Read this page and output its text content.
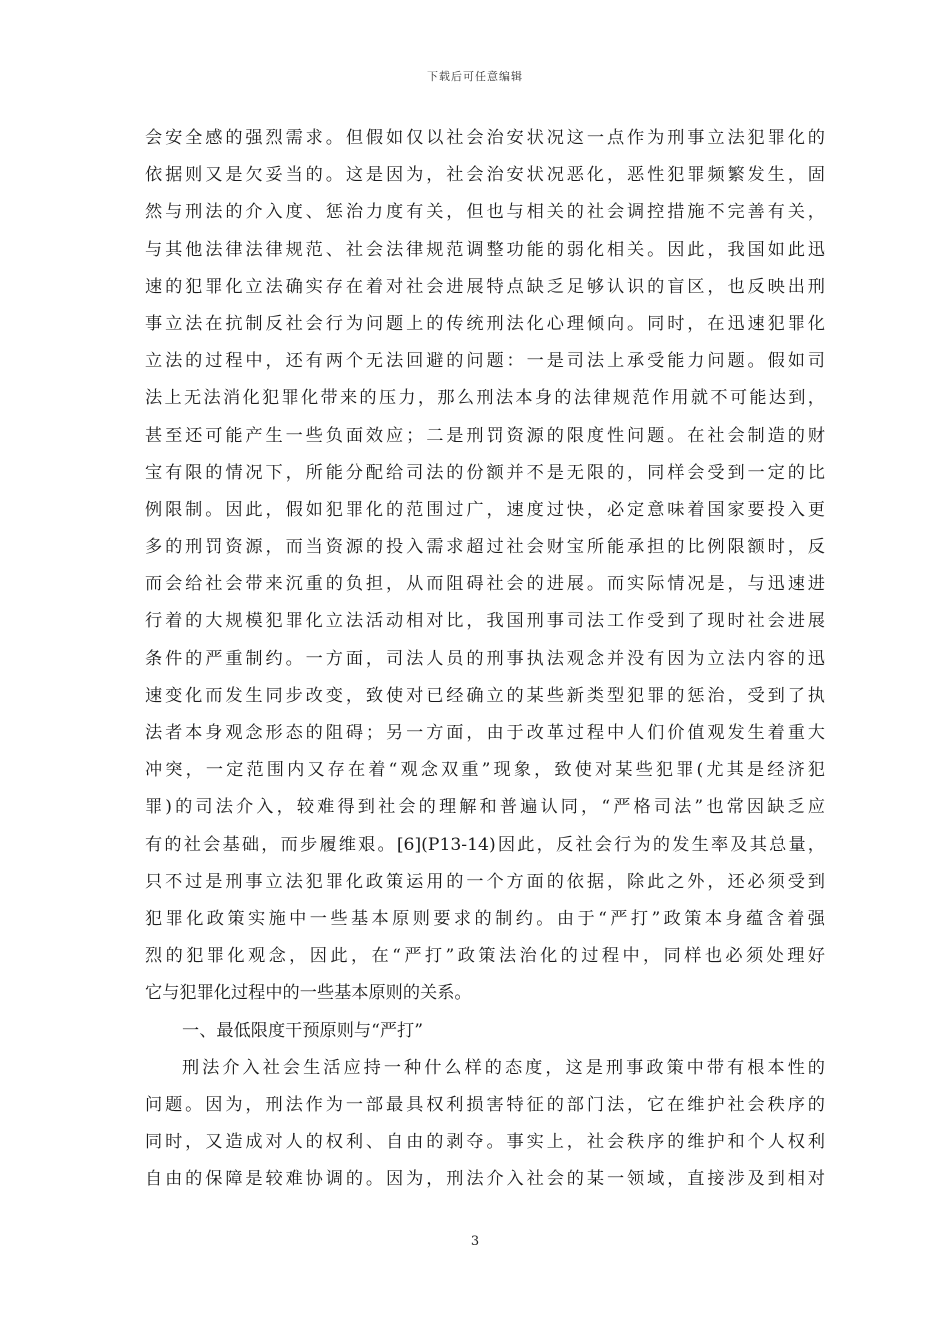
下载后可任意编辑
会安全感的强烈需求。但假如仅以社会治安状况这一点作为刑事立法犯罪化的
依据则又是欠妥当的。这是因为，社会治安状况恶化，恶性犯罪频繁发生，固
然与刑法的介入度、惩治力度有关，但也与相关的社会调控措施不完善有关，
与其他法律法律规范、社会法律规范调整功能的弱化相关。因此，我国如此迅
速的犯罪化立法确实存在着对社会进展特点缺乏足够认识的盲区，也反映出刑
事立法在抗制反社会行为问题上的传统刑法化心理倾向。同时，在迅速犯罪化
立法的过程中，还有两个无法回避的问题：一是司法上承受能力问题。假如司
法上无法消化犯罪化带来的压力，那么刑法本身的法律规范作用就不可能达到，
甚至还可能产生一些负面效应；二是刑罚资源的限度性问题。在社会制造的财
宝有限的情况下，所能分配给司法的份额并不是无限的，同样会受到一定的比
例限制。因此，假如犯罪化的范围过广，速度过快，必定意味着国家要投入更
多的刑罚资源，而当资源的投入需求超过社会财宝所能承担的比例限额时，反
而会给社会带来沉重的负担，从而阻碍社会的进展。而实际情况是，与迅速进
行着的大规模犯罪化立法活动相对比，我国刑事司法工作受到了现时社会进展
条件的严重制约。一方面，司法人员的刑事执法观念并没有因为立法内容的迅
速变化而发生同步改变，致使对已经确立的某些新类型犯罪的惩治，受到了执
法者本身观念形态的阻碍；另一方面，由于改革过程中人们价值观发生着重大
冲突，一定范围内又存在着“观念双重”现象，致使对某些犯罪(尤其是经济犯
罪)的司法介入，较难得到社会的理解和普遍认同，“严格司法”也常因缺乏应
有的社会基础，而步履维艰。[6](P13-14)因此，反社会行为的发生率及其总量，
只不过是刑事立法犯罪化政策运用的一个方面的依据，除此之外，还必须受到
犯罪化政策实施中一些基本原则要求的制约。由于“严打”政策本身蕴含着强
烈的犯罪化观念，因此，在“严打”政策法治化的过程中，同样也必须处理好
它与犯罪化过程中的一些基本原则的关系。
一、最低限度干预原则与“严打”
刑法介入社会生活应持一种什么样的态度，这是刑事政策中带有根本性的
问题。因为，刑法作为一部最具权利损害特征的部门法，它在维护社会秩序的
同时，又造成对人的权利、自由的剥夺。事实上，社会秩序的维护和个人权利
自由的保障是较难协调的。因为，刑法介入社会的某一领域，直接涉及到相对
3
